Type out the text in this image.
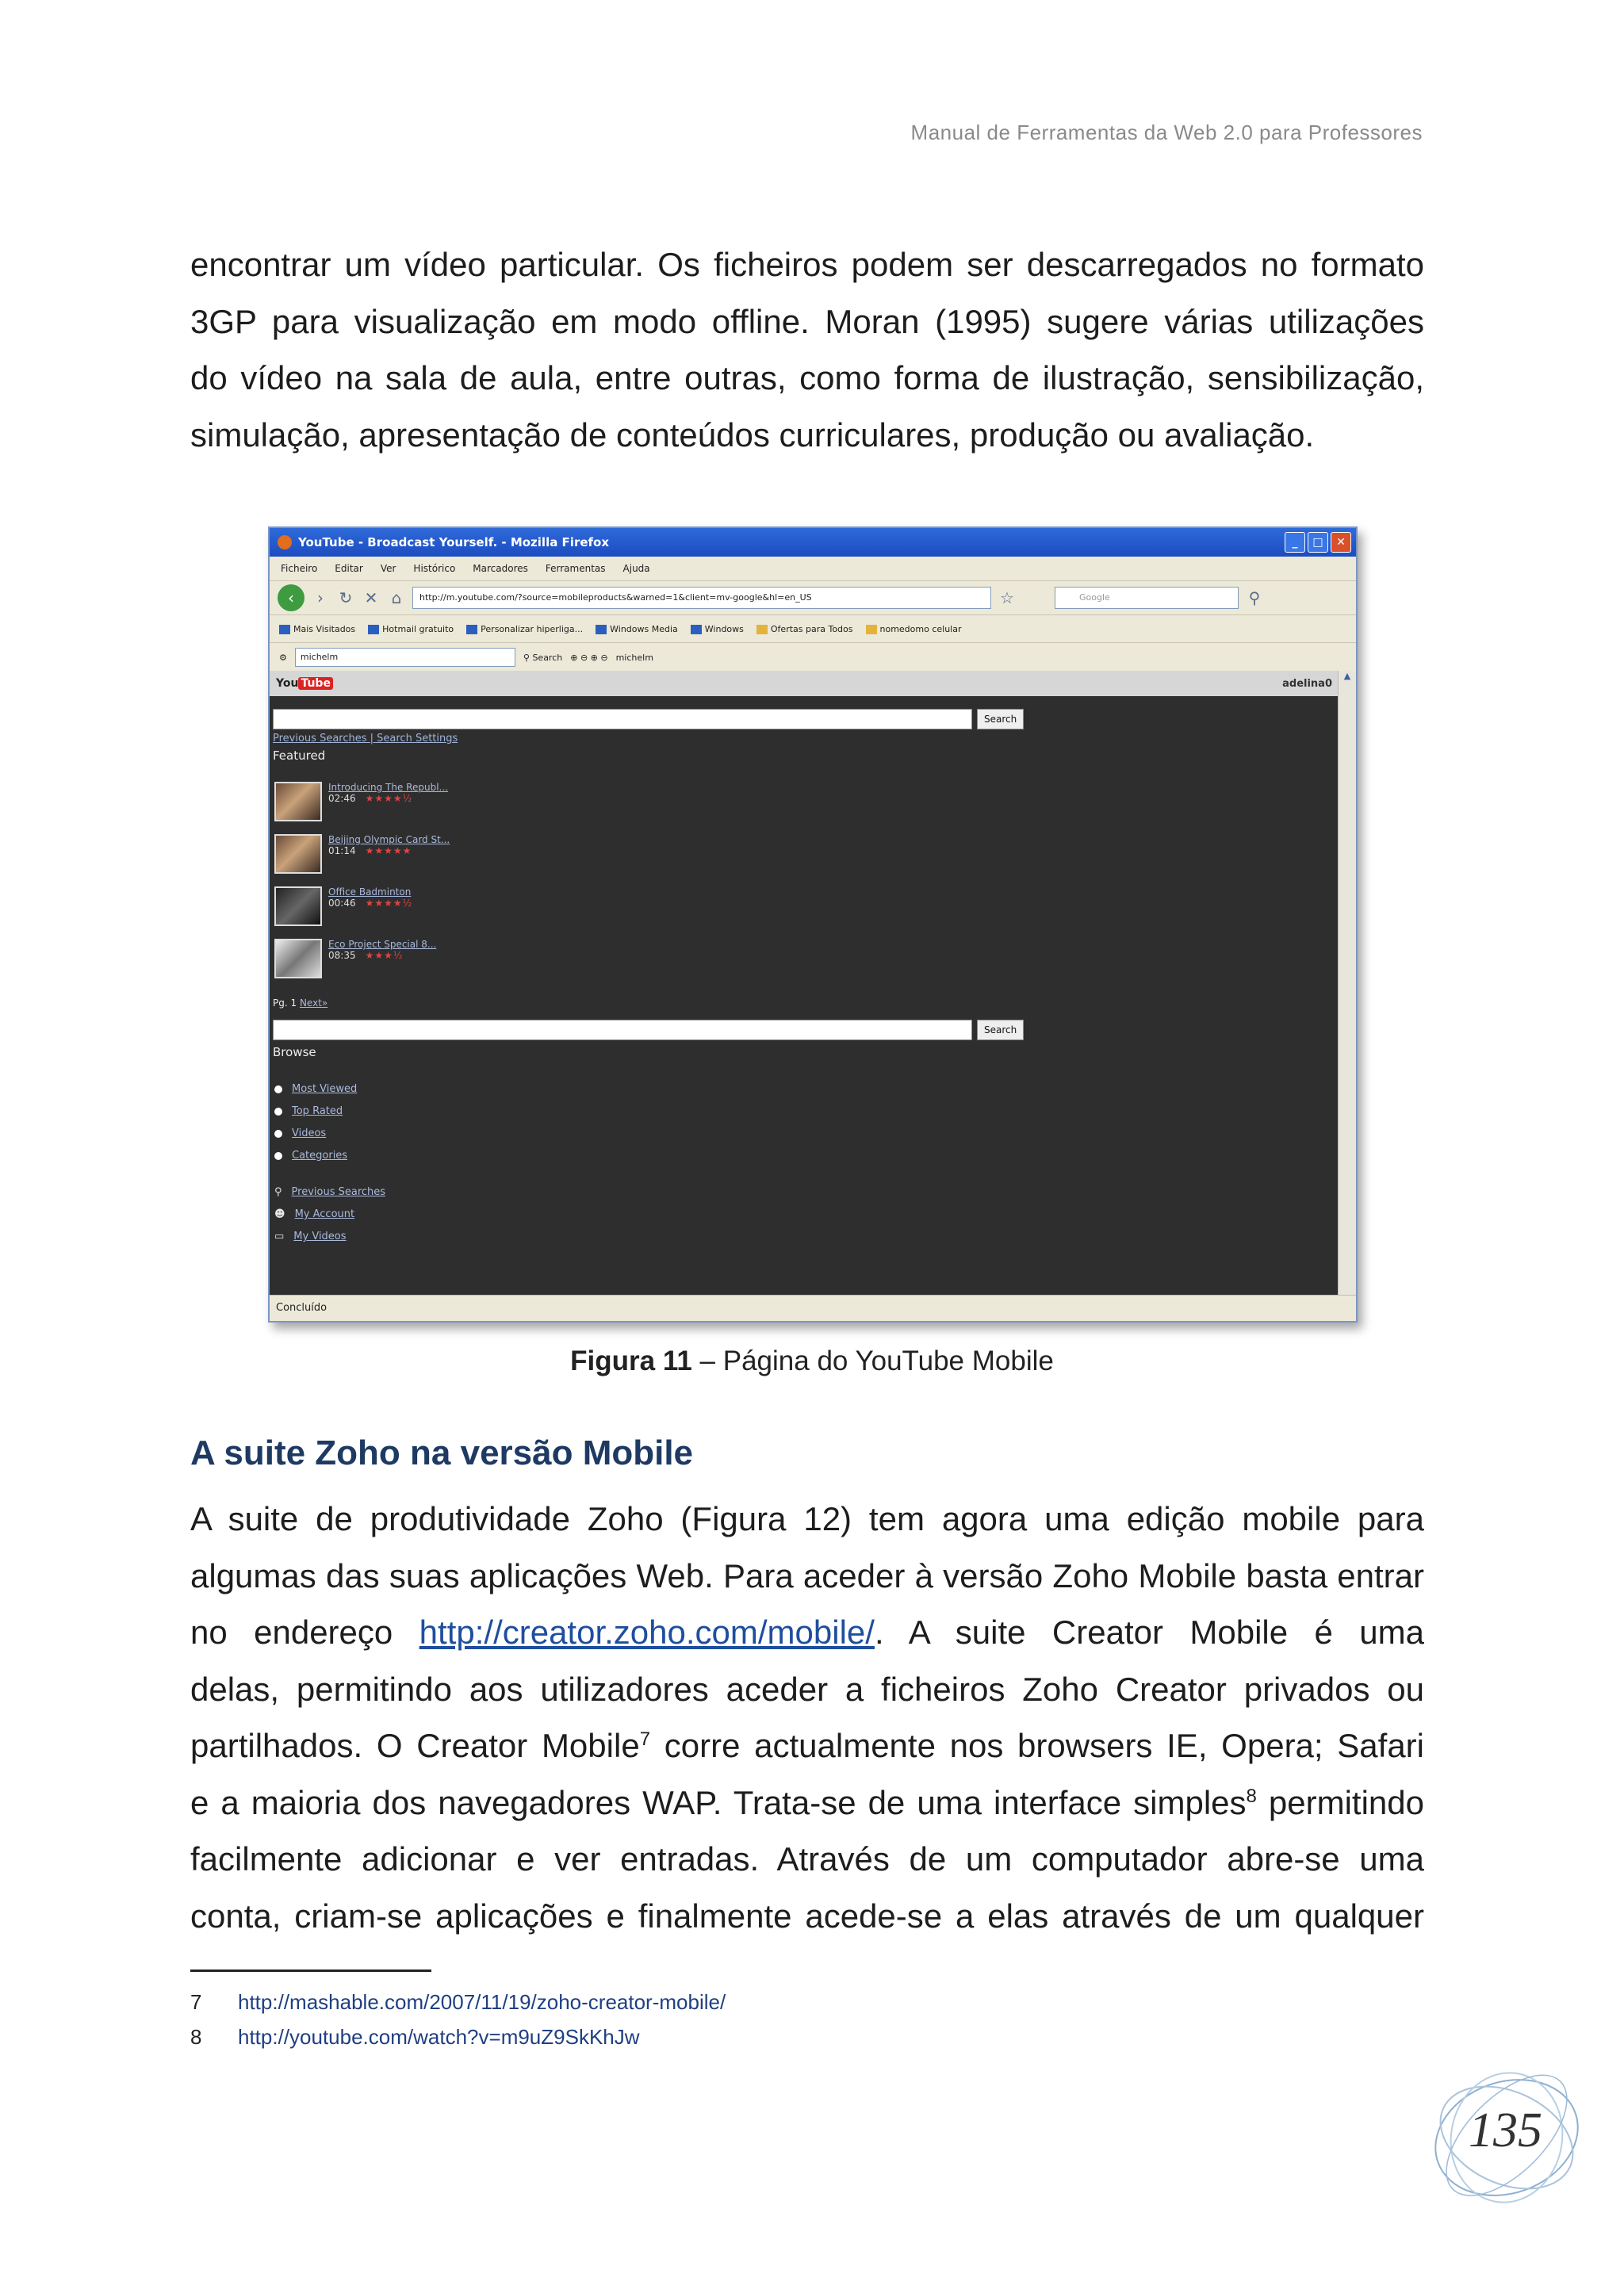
Manual de Ferramentas da Web 2.0 para Professores
encontrar um vídeo particular. Os ficheiros podem ser descarregados no formato
3GP para visualização em modo offline. Moran (1995) sugere várias utilizações
do vídeo na sala de aula, entre outras, como forma de ilustração, sensibilização,
simulação, apresentação de conteúdos curriculares, produção ou avaliação.
YouTube - Broadcast Yourself. - Mozilla Firefox	_	□	✕
Ficheiro Editar Ver Histórico Marcadores Ferramentas Ajuda
‹	› ↻ ✕ ⌂	http://m.youtube.com/?source=mobileproducts&warned=1&client=mv-google&hl=en_US	☆	Google	⚲
Mais Visitados	Hotmail gratuito	Personalizar hiperliga...	Windows Media	Windows	Ofertas para Todos	nomedomo celular
⚙	michelm	⚲ Search ⊕ ⊖ ⊕ ⊖ michelm
You Tube	adelina0
Search
Previous Searches | Search Settings
Featured
Introducing The Republ...
02:46 ★★★★½
Beijing Olympic Card St...
01:14 ★★★★★
Office Badminton
00:46 ★★★★½
Eco Project Special 8...
08:35 ★★★½
Pg. 1 Next»
Search
Browse
Most Viewed
Top Rated
Videos
Categories
⚲ Previous Searches
☻ My Account
▭ My Videos
▲
Concluído
Figura 11 – Página do YouTube Mobile
A suite Zoho na versão Mobile
A suite de produtividade Zoho (Figura 12) tem agora uma edição mobile para
algumas das suas aplicações Web. Para aceder à versão Zoho Mobile basta entrar
no endereço http://creator.zoho.com/mobile/. A suite Creator Mobile é uma
delas, permitindo aos utilizadores aceder a ficheiros Zoho Creator privados ou
partilhados. O Creator Mobile$^7$ corre actualmente nos browsers IE, Opera; Safari
e a maioria dos navegadores WAP. Trata-se de uma interface simples$^8$ permitindo
facilmente adicionar e ver entradas. Através de um computador abre-se uma
conta, criam-se aplicações e finalmente acede-se a elas através de um qualquer
7 http://mashable.com/2007/11/19/zoho-creator-mobile/
8 http://youtube.com/watch?v=m9uZ9SkKhJw
135
